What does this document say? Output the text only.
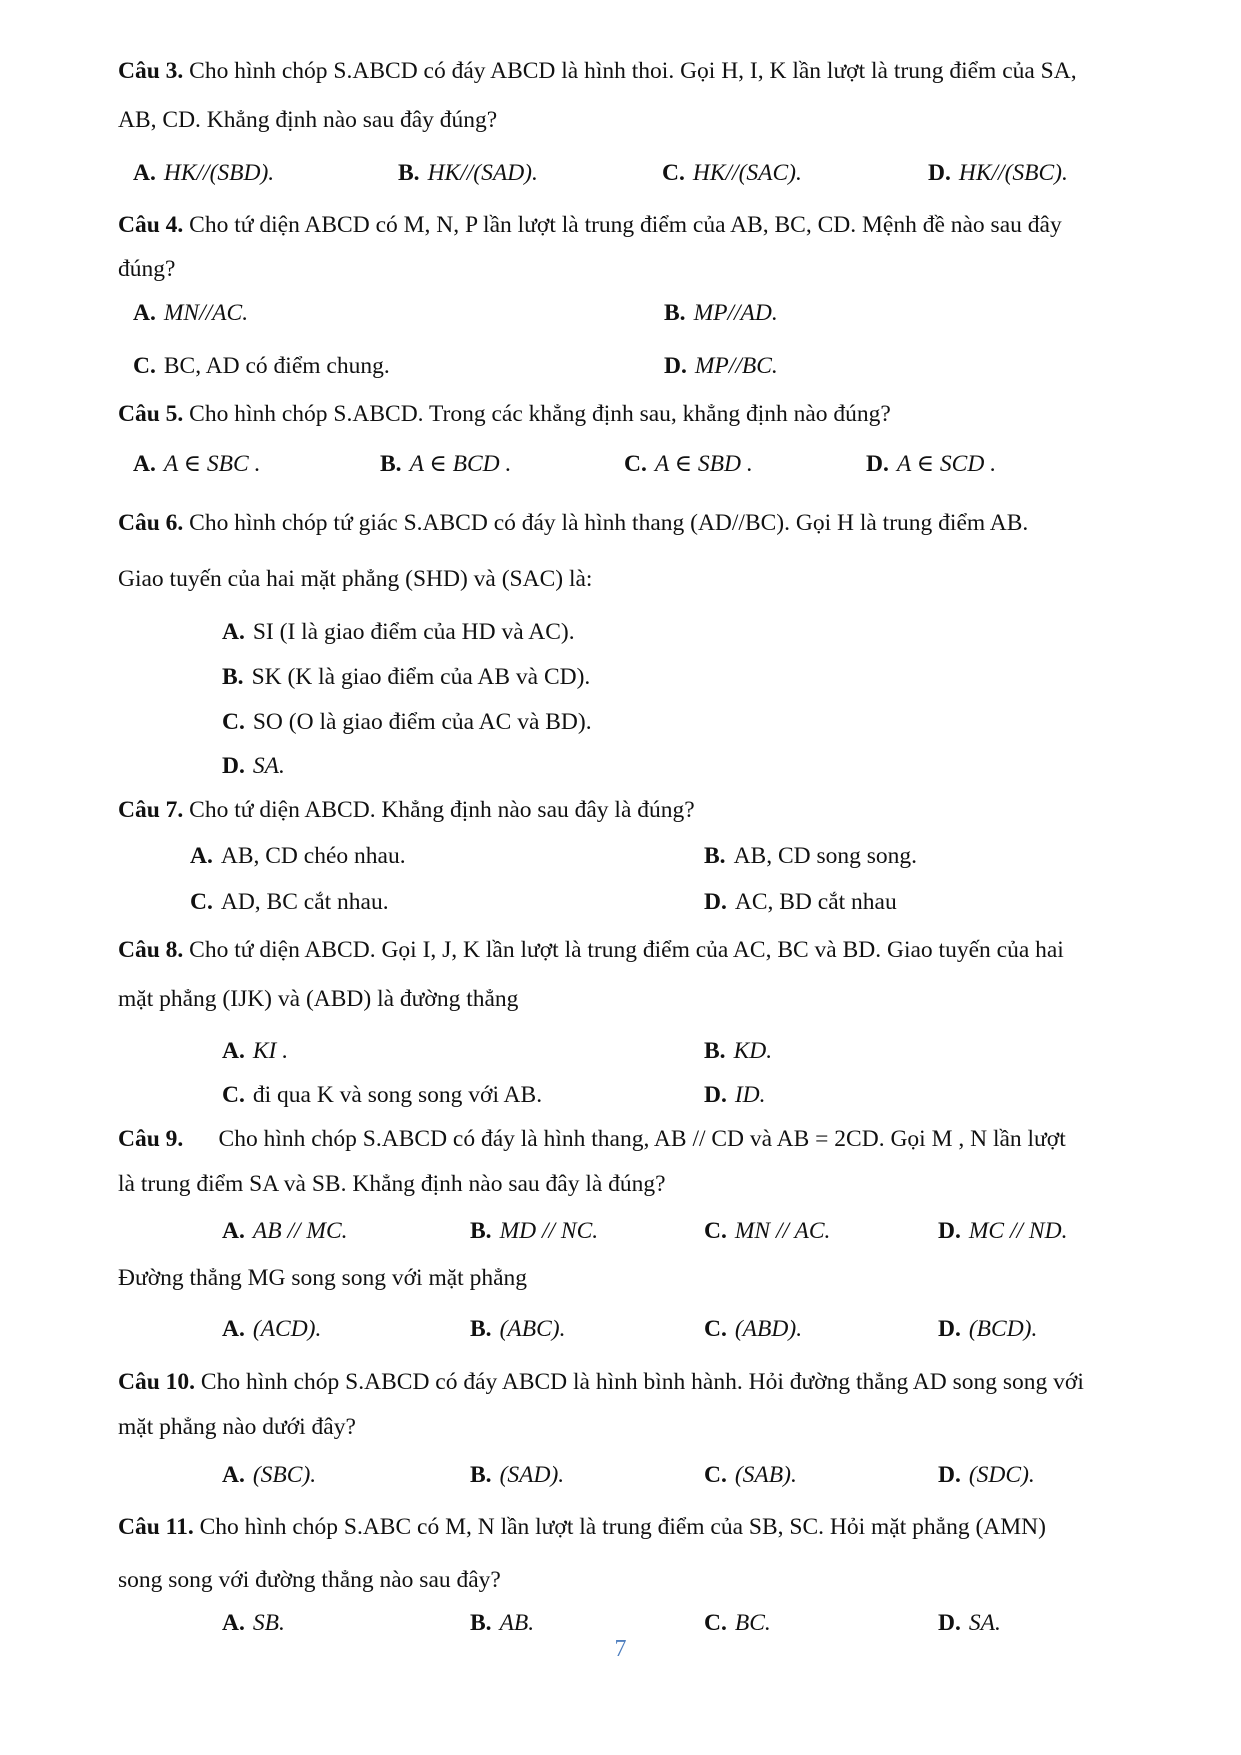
Câu 3. Cho hình chóp S.ABCD có đáy ABCD là hình thoi. Gọi H, I, K lần lượt là trung điểm của SA,
AB, CD. Khẳng định nào sau đây đúng?
A. HK//(SBD).	B. HK//(SAD).	C. HK//(SAC).	D. HK//(SBC).
Câu 4. Cho tứ diện ABCD có M, N, P lần lượt là trung điểm của AB, BC, CD. Mệnh đề nào sau đây
đúng?
A. MN//AC.	B. MP//AD.
C. BC, AD có điểm chung.	D. MP//BC.
Câu 5. Cho hình chóp S.ABCD. Trong các khẳng định sau, khẳng định nào đúng?
A. A ∈ SBC .	B. A ∈ BCD .	C. A ∈ SBD .	D. A ∈ SCD .
Câu 6. Cho hình chóp tứ giác S.ABCD có đáy là hình thang (AD//BC). Gọi H là trung điểm AB.
Giao tuyến của hai mặt phẳng (SHD) và (SAC) là:
A. SI (I là giao điểm của HD và AC).
B. SK (K là giao điểm của AB và CD).
C. SO (O là giao điểm của AC và BD).
D. SA.
Câu 7. Cho tứ diện ABCD. Khẳng định nào sau đây là đúng?
A. AB, CD chéo nhau.	B. AB, CD song song.
C. AD, BC cắt nhau.	D. AC, BD cắt nhau
Câu 8. Cho tứ diện ABCD. Gọi I, J, K lần lượt là trung điểm của AC, BC và BD. Giao tuyến của hai
mặt phẳng (IJK) và (ABD) là đường thẳng
A. KI .	B. KD.
C. đi qua K và song song với AB.	D. ID.
Câu 9.      Cho hình chóp S.ABCD có đáy là hình thang, AB // CD và AB = 2CD. Gọi M , N lần lượt
là trung điểm SA và SB. Khẳng định nào sau đây là đúng?
A. AB // MC.	B. MD // NC.	C. MN // AC.	D. MC // ND.
Đường thẳng MG song song với mặt phẳng
A. (ACD).	B. (ABC).	C. (ABD).	D. (BCD).
Câu 10. Cho hình chóp S.ABCD có đáy ABCD là hình bình hành. Hỏi đường thẳng AD song song với
mặt phẳng nào dưới đây?
A. (SBC).	B. (SAD).	C. (SAB).	D. (SDC).
Câu 11. Cho hình chóp S.ABC có M, N lần lượt là trung điểm của SB, SC. Hỏi mặt phẳng (AMN)
song song với đường thẳng nào sau đây?
A. SB.	B. AB.	C. BC.	D. SA.
7
